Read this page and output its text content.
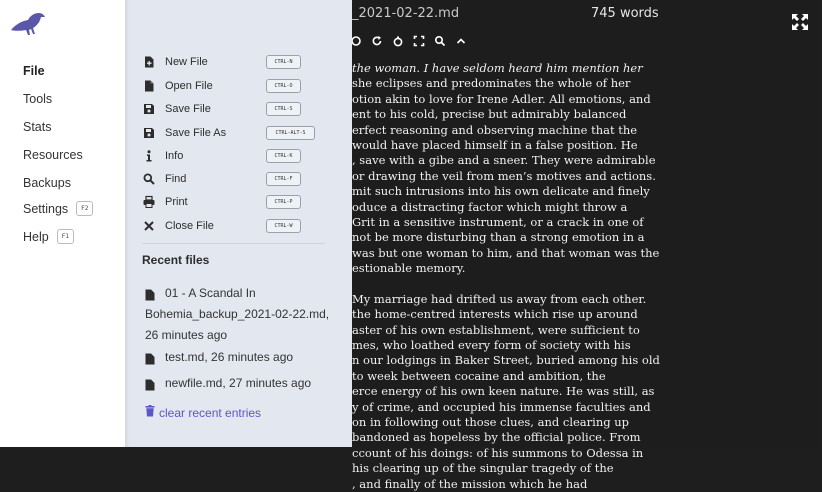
_2021-02-22.md	745 words
the woman. I have seldom heard him mention her
she eclipses and predominates the whole of her
otion akin to love for Irene Adler. All emotions, and
ent to his cold, precise but admirably balanced
erfect reasoning and observing machine that the
would have placed himself in a false position. He
, save with a gibe and a sneer. They were admirable
or drawing the veil from men’s motives and actions.
mit such intrusions into his own delicate and finely
oduce a distracting factor which might throw a
Grit in a sensitive instrument, or a crack in one of
not be more disturbing than a strong emotion in a
was but one woman to him, and that woman was the
estionable memory.
My marriage had drifted us away from each other.
the home-centred interests which rise up around
aster of his own establishment, were sufficient to
mes, who loathed every form of society with his
n our lodgings in Baker Street, buried among his old
to week between cocaine and ambition, the
erce energy of his own keen nature. He was still, as
y of crime, and occupied his immense faculties and
on in following out those clues, and clearing up
bandoned as hopeless by the official police. From
ccount of his doings: of his summons to Odessa in
his clearing up of the singular tragedy of the
, and finally of the mission which he had
File
Tools
Stats
Resources
Backups
Settings	F2
Help	F1
New File	CTRL-N
Open File	CTRL-O
Save File	CTRL-S
Save File As	CTRL-ALT-S
Info	CTRL-K
Find	CTRL-F
Print	CTRL-P
Close File	CTRL-W
Recent files
01 - A Scandal In Bohemia_backup_2021-02-22.md, 26 minutes ago
test.md, 26 minutes ago
newfile.md, 27 minutes ago
clear recent entries
